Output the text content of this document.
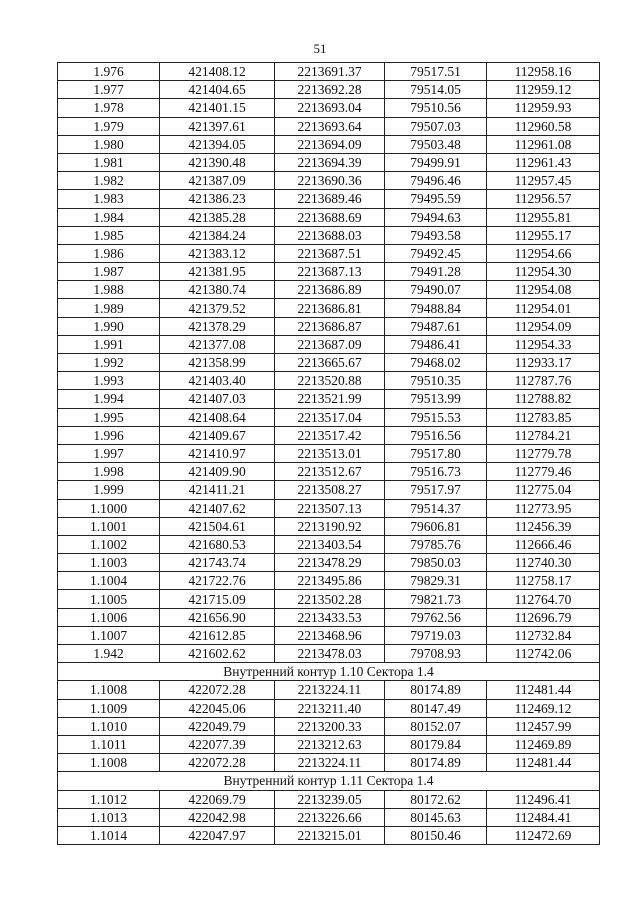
51
1.976	421408.12	2213691.37	79517.51	112958.16
1.977	421404.65	2213692.28	79514.05	112959.12
1.978	421401.15	2213693.04	79510.56	112959.93
1.979	421397.61	2213693.64	79507.03	112960.58
1.980	421394.05	2213694.09	79503.48	112961.08
1.981	421390.48	2213694.39	79499.91	112961.43
1.982	421387.09	2213690.36	79496.46	112957.45
1.983	421386.23	2213689.46	79495.59	112956.57
1.984	421385.28	2213688.69	79494.63	112955.81
1.985	421384.24	2213688.03	79493.58	112955.17
1.986	421383.12	2213687.51	79492.45	112954.66
1.987	421381.95	2213687.13	79491.28	112954.30
1.988	421380.74	2213686.89	79490.07	112954.08
1.989	421379.52	2213686.81	79488.84	112954.01
1.990	421378.29	2213686.87	79487.61	112954.09
1.991	421377.08	2213687.09	79486.41	112954.33
1.992	421358.99	2213665.67	79468.02	112933.17
1.993	421403.40	2213520.88	79510.35	112787.76
1.994	421407.03	2213521.99	79513.99	112788.82
1.995	421408.64	2213517.04	79515.53	112783.85
1.996	421409.67	2213517.42	79516.56	112784.21
1.997	421410.97	2213513.01	79517.80	112779.78
1.998	421409.90	2213512.67	79516.73	112779.46
1.999	421411.21	2213508.27	79517.97	112775.04
1.1000	421407.62	2213507.13	79514.37	112773.95
1.1001	421504.61	2213190.92	79606.81	112456.39
1.1002	421680.53	2213403.54	79785.76	112666.46
1.1003	421743.74	2213478.29	79850.03	112740.30
1.1004	421722.76	2213495.86	79829.31	112758.17
1.1005	421715.09	2213502.28	79821.73	112764.70
1.1006	421656.90	2213433.53	79762.56	112696.79
1.1007	421612.85	2213468.96	79719.03	112732.84
1.942	421602.62	2213478.03	79708.93	112742.06
Внутренний контур 1.10 Сектора 1.4				
1.1008	422072.28	2213224.11	80174.89	112481.44
1.1009	422045.06	2213211.40	80147.49	112469.12
1.1010	422049.79	2213200.33	80152.07	112457.99
1.1011	422077.39	2213212.63	80179.84	112469.89
1.1008	422072.28	2213224.11	80174.89	112481.44
Внутренний контур 1.11 Сектора 1.4				
1.1012	422069.79	2213239.05	80172.62	112496.41
1.1013	422042.98	2213226.66	80145.63	112484.41
1.1014	422047.97	2213215.01	80150.46	112472.69
